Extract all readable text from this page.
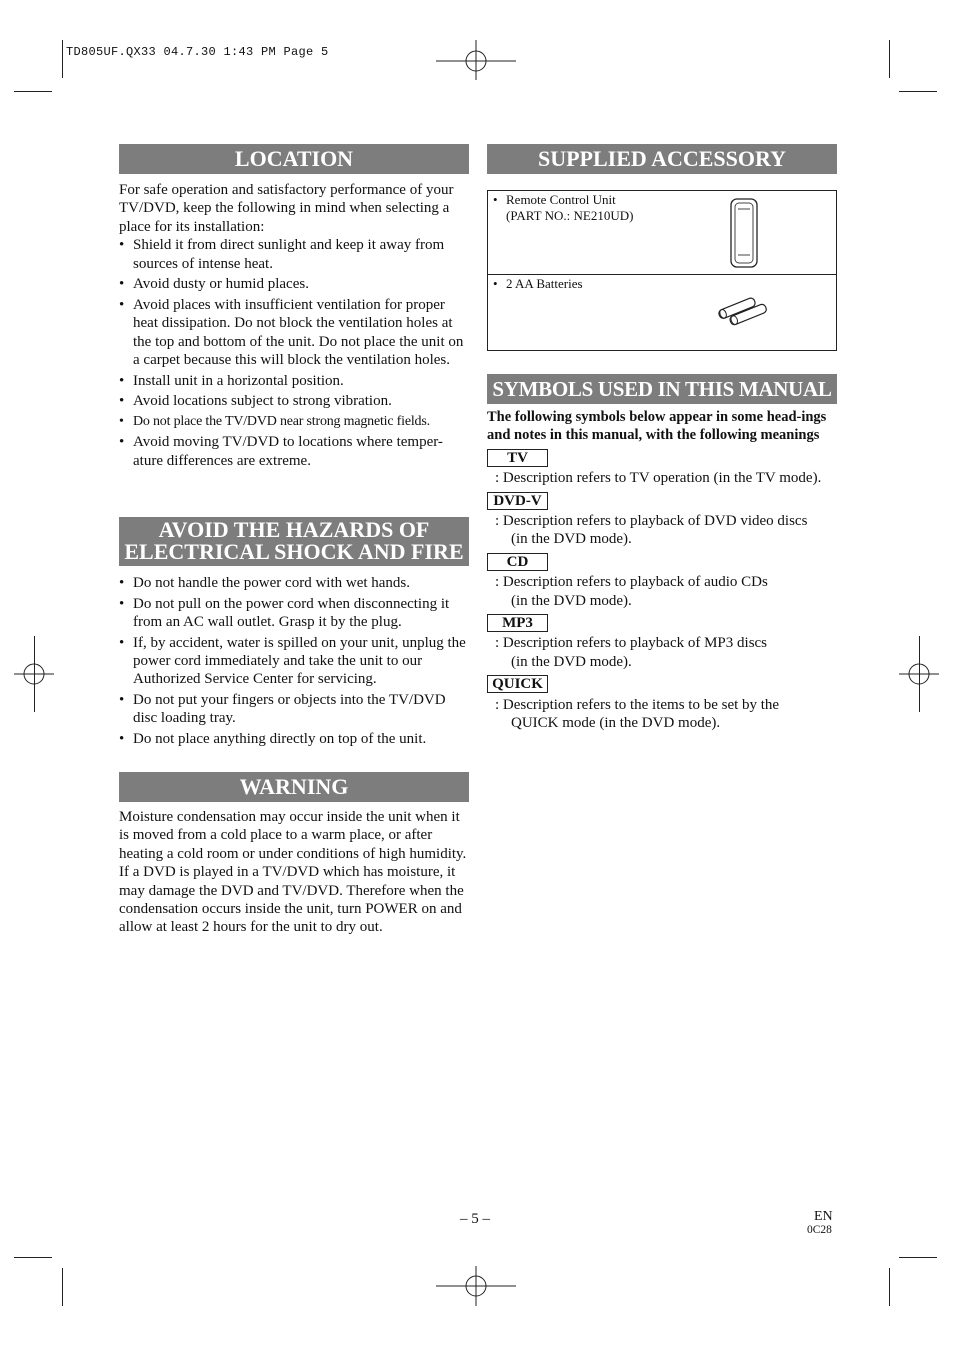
TD805UF.QX33 04.7.30 1:43 PM Page 5
LOCATION

For safe operation and satisfactory performance of your TV/DVD, keep the following in mind when selecting a place for its installation:

• Shield it from direct sunlight and keep it away from sources of intense heat.
• Avoid dusty or humid places.
• Avoid places with insufficient ventilation for proper heat dissipation. Do not block the ventilation holes at the top and bottom of the unit. Do not place the unit on a carpet because this will block the ventilation holes.
• Install unit in a horizontal position.
• Avoid locations subject to strong vibration.
• Do not place the TV/DVD near strong magnetic fields.
• Avoid moving TV/DVD to locations where temper-ature differences are extreme.
AVOID THE HAZARDS OF
ELECTRICAL SHOCK AND FIRE
• Do not handle the power cord with wet hands.
• Do not pull on the power cord when disconnecting it from an AC wall outlet. Grasp it by the plug.
• If, by accident, water is spilled on your unit, unplug the power cord immediately and take the unit to our Authorized Service Center for servicing.
• Do not put your fingers or objects into the TV/DVD disc loading tray.
• Do not place anything directly on top of the unit.
WARNING

Moisture condensation may occur inside the unit when it is moved from a cold place to a warm place, or after heating a cold room or under conditions of high humidity. If a DVD is played in a TV/DVD which has moisture, it may damage the DVD and TV/DVD. Therefore when the condensation occurs inside the unit, turn POWER on and allow at least 2 hours for the unit to dry out.

SUPPLIED ACCESSORY
• Remote Control Unit
(PART NO.: NE210UD)
• 2 AA Batteries
SYMBOLS USED IN THIS MANUAL

The following symbols below appear in some head-ings and notes in this manual, with the following meanings

TV

: Description refers to TV operation (in the TV mode).

DVD-V

: Description refers to playback of DVD video discs
(in the DVD mode).

CD

: Description refers to playback of audio CDs
(in the DVD mode).

MP3

: Description refers to playback of MP3 discs
(in the DVD mode).

QUICK

: Description refers to the items to be set by the
QUICK mode (in the DVD mode).

– 5 –	EN
0C28
